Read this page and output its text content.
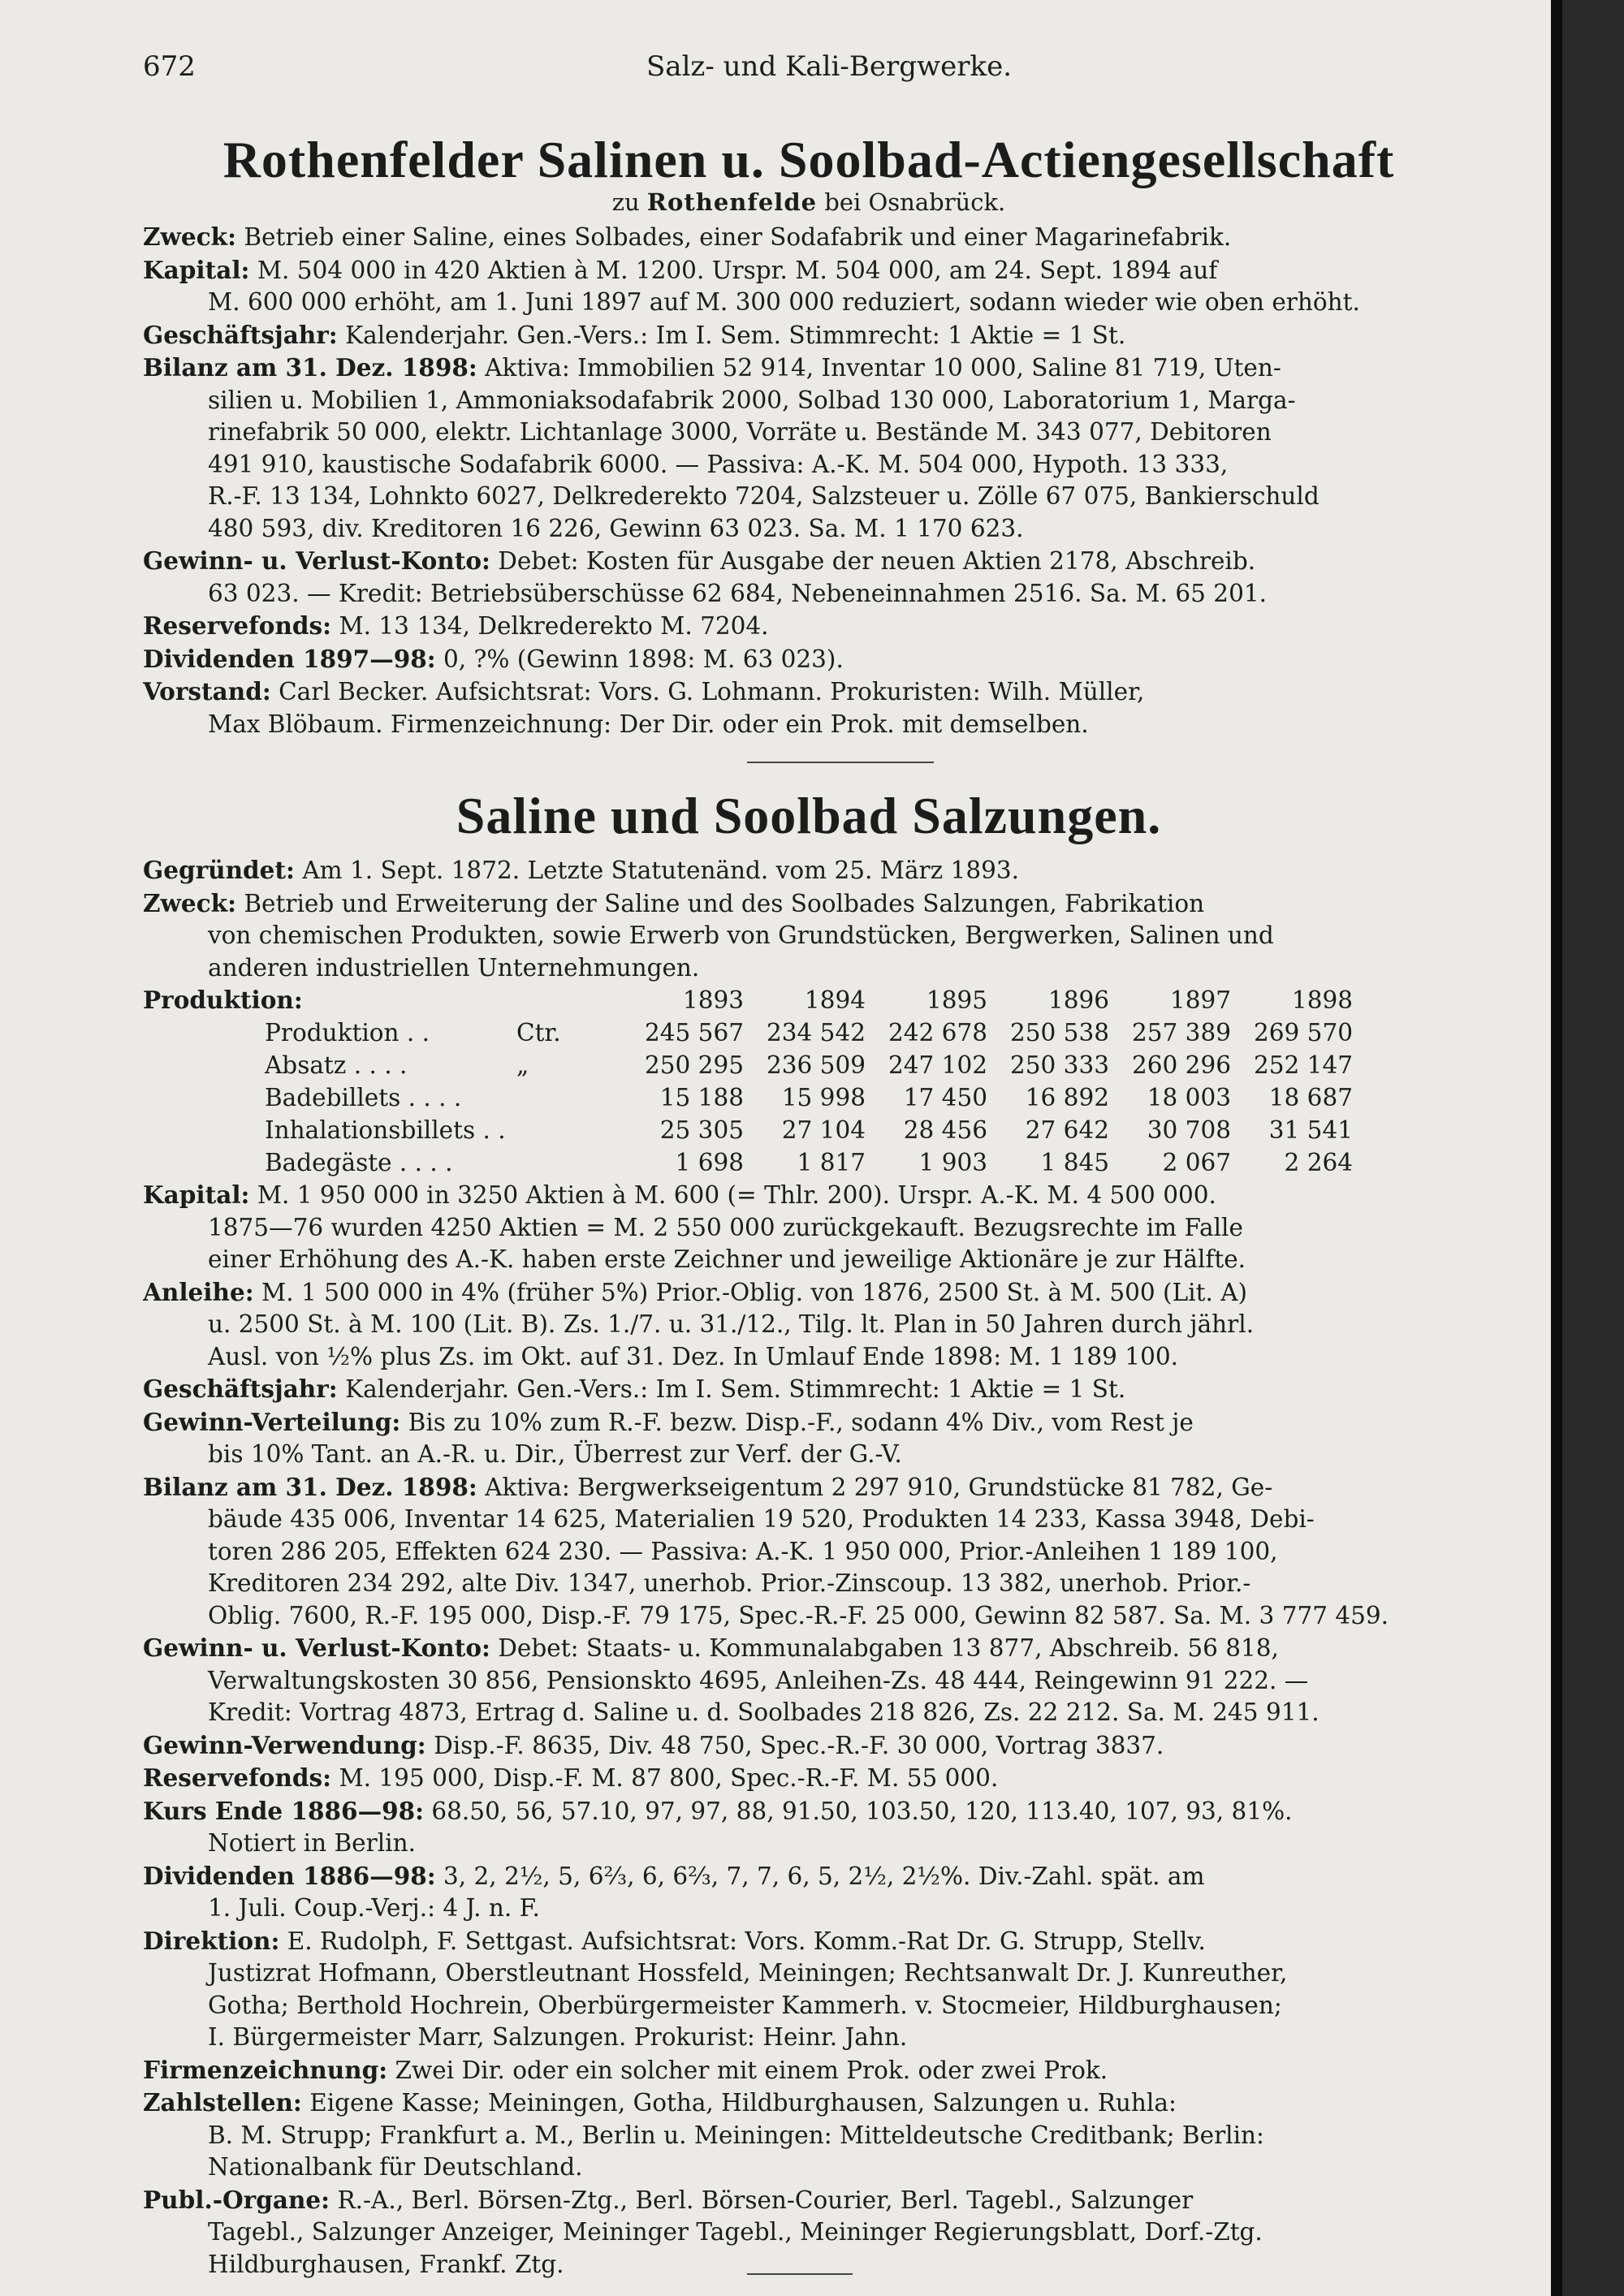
672	Salz- und Kali-Bergwerke.
Rothenfelder Salinen u. Soolbad-Actiengesellschaft
zu Rothenfelde bei Osnabrück.

Zweck: Betrieb einer Saline, eines Solbades, einer Sodafabrik und einer Magarinefabrik.

Kapital: M. 504 000 in 420 Aktien à M. 1200. Urspr. M. 504 000, am 24. Sept. 1894 auf

M. 600 000 erhöht, am 1. Juni 1897 auf M. 300 000 reduziert, sodann wieder wie oben erhöht.

Geschäftsjahr: Kalenderjahr. Gen.-Vers.: Im I. Sem. Stimmrecht: 1 Aktie = 1 St.

Bilanz am 31. Dez. 1898: Aktiva: Immobilien 52 914, Inventar 10 000, Saline 81 719, Uten-

silien u. Mobilien 1, Ammoniaksodafabrik 2000, Solbad 130 000, Laboratorium 1, Marga-

rinefabrik 50 000, elektr. Lichtanlage 3000, Vorräte u. Bestände M. 343 077, Debitoren

491 910, kaustische Sodafabrik 6000. — Passiva: A.-K. M. 504 000, Hypoth. 13 333,

R.-F. 13 134, Lohnkto 6027, Delkrederekto 7204, Salzsteuer u. Zölle 67 075, Bankierschuld

480 593, div. Kreditoren 16 226, Gewinn 63 023. Sa. M. 1 170 623.

Gewinn- u. Verlust-Konto: Debet: Kosten für Ausgabe der neuen Aktien 2178, Abschreib.

63 023. — Kredit: Betriebsüberschüsse 62 684, Nebeneinnahmen 2516. Sa. M. 65 201.

Reservefonds: M. 13 134, Delkrederekto M. 7204.

Dividenden 1897—98: 0, ?% (Gewinn 1898: M. 63 023).

Vorstand: Carl Becker. Aufsichtsrat: Vors. G. Lohmann. Prokuristen: Wilh. Müller,

Max Blöbaum. Firmenzeichnung: Der Dir. oder ein Prok. mit demselben.

Saline und Soolbad Salzungen.

Gegründet: Am 1. Sept. 1872. Letzte Statutenänd. vom 25. März 1893.

Zweck: Betrieb und Erweiterung der Saline und des Soolbades Salzungen, Fabrikation

von chemischen Produkten, sowie Erwerb von Grundstücken, Bergwerken, Salinen und

anderen industriellen Unternehmungen.

Produktion:		1893	1894	1895	1896	1897	1898
Produktion . .	Ctr.	245 567	234 542	242 678	250 538	257 389	269 570
Absatz . . . .	„	250 295	236 509	247 102	250 333	260 296	252 147
Badebillets . . . .		15 188	15 998	17 450	16 892	18 003	18 687
Inhalationsbillets . .		25 305	27 104	28 456	27 642	30 708	31 541
Badegäste . . . .		1 698	1 817	1 903	1 845	2 067	2 264

Kapital: M. 1 950 000 in 3250 Aktien à M. 600 (= Thlr. 200). Urspr. A.-K. M. 4 500 000.

1875—76 wurden 4250 Aktien = M. 2 550 000 zurückgekauft. Bezugsrechte im Falle

einer Erhöhung des A.-K. haben erste Zeichner und jeweilige Aktionäre je zur Hälfte.

Anleihe: M. 1 500 000 in 4% (früher 5%) Prior.-Oblig. von 1876, 2500 St. à M. 500 (Lit. A)

u. 2500 St. à M. 100 (Lit. B). Zs. 1./7. u. 31./12., Tilg. lt. Plan in 50 Jahren durch jährl.

Ausl. von ½% plus Zs. im Okt. auf 31. Dez. In Umlauf Ende 1898: M. 1 189 100.

Geschäftsjahr: Kalenderjahr. Gen.-Vers.: Im I. Sem. Stimmrecht: 1 Aktie = 1 St.

Gewinn-Verteilung: Bis zu 10% zum R.-F. bezw. Disp.-F., sodann 4% Div., vom Rest je

bis 10% Tant. an A.-R. u. Dir., Überrest zur Verf. der G.-V.

Bilanz am 31. Dez. 1898: Aktiva: Bergwerkseigentum 2 297 910, Grundstücke 81 782, Ge-

bäude 435 006, Inventar 14 625, Materialien 19 520, Produkten 14 233, Kassa 3948, Debi-

toren 286 205, Effekten 624 230. — Passiva: A.-K. 1 950 000, Prior.-Anleihen 1 189 100,

Kreditoren 234 292, alte Div. 1347, unerhob. Prior.-Zinscoup. 13 382, unerhob. Prior.-

Oblig. 7600, R.-F. 195 000, Disp.-F. 79 175, Spec.-R.-F. 25 000, Gewinn 82 587. Sa. M. 3 777 459.

Gewinn- u. Verlust-Konto: Debet: Staats- u. Kommunalabgaben 13 877, Abschreib. 56 818,

Verwaltungskosten 30 856, Pensionskto 4695, Anleihen-Zs. 48 444, Reingewinn 91 222. —

Kredit: Vortrag 4873, Ertrag d. Saline u. d. Soolbades 218 826, Zs. 22 212. Sa. M. 245 911.

Gewinn-Verwendung: Disp.-F. 8635, Div. 48 750, Spec.-R.-F. 30 000, Vortrag 3837.

Reservefonds: M. 195 000, Disp.-F. M. 87 800, Spec.-R.-F. M. 55 000.

Kurs Ende 1886—98: 68.50, 56, 57.10, 97, 97, 88, 91.50, 103.50, 120, 113.40, 107, 93, 81%.

Notiert in Berlin.

Dividenden 1886—98: 3, 2, 2½, 5, 6⅔, 6, 6⅔, 7, 7, 6, 5, 2½, 2½%. Div.-Zahl. spät. am

1. Juli. Coup.-Verj.: 4 J. n. F.

Direktion: E. Rudolph, F. Settgast. Aufsichtsrat: Vors. Komm.-Rat Dr. G. Strupp, Stellv.

Justizrat Hofmann, Oberstleutnant Hossfeld, Meiningen; Rechtsanwalt Dr. J. Kunreuther,

Gotha; Berthold Hochrein, Oberbürgermeister Kammerh. v. Stocmeier, Hildburghausen;

I. Bürgermeister Marr, Salzungen. Prokurist: Heinr. Jahn.

Firmenzeichnung: Zwei Dir. oder ein solcher mit einem Prok. oder zwei Prok.

Zahlstellen: Eigene Kasse; Meiningen, Gotha, Hildburghausen, Salzungen u. Ruhla:

B. M. Strupp; Frankfurt a. M., Berlin u. Meiningen: Mitteldeutsche Creditbank; Berlin:

Nationalbank für Deutschland.

Publ.-Organe: R.-A., Berl. Börsen-Ztg., Berl. Börsen-Courier, Berl. Tagebl., Salzunger

Tagebl., Salzunger Anzeiger, Meininger Tagebl., Meininger Regierungsblatt, Dorf.-Ztg.

Hildburghausen, Frankf. Ztg.
